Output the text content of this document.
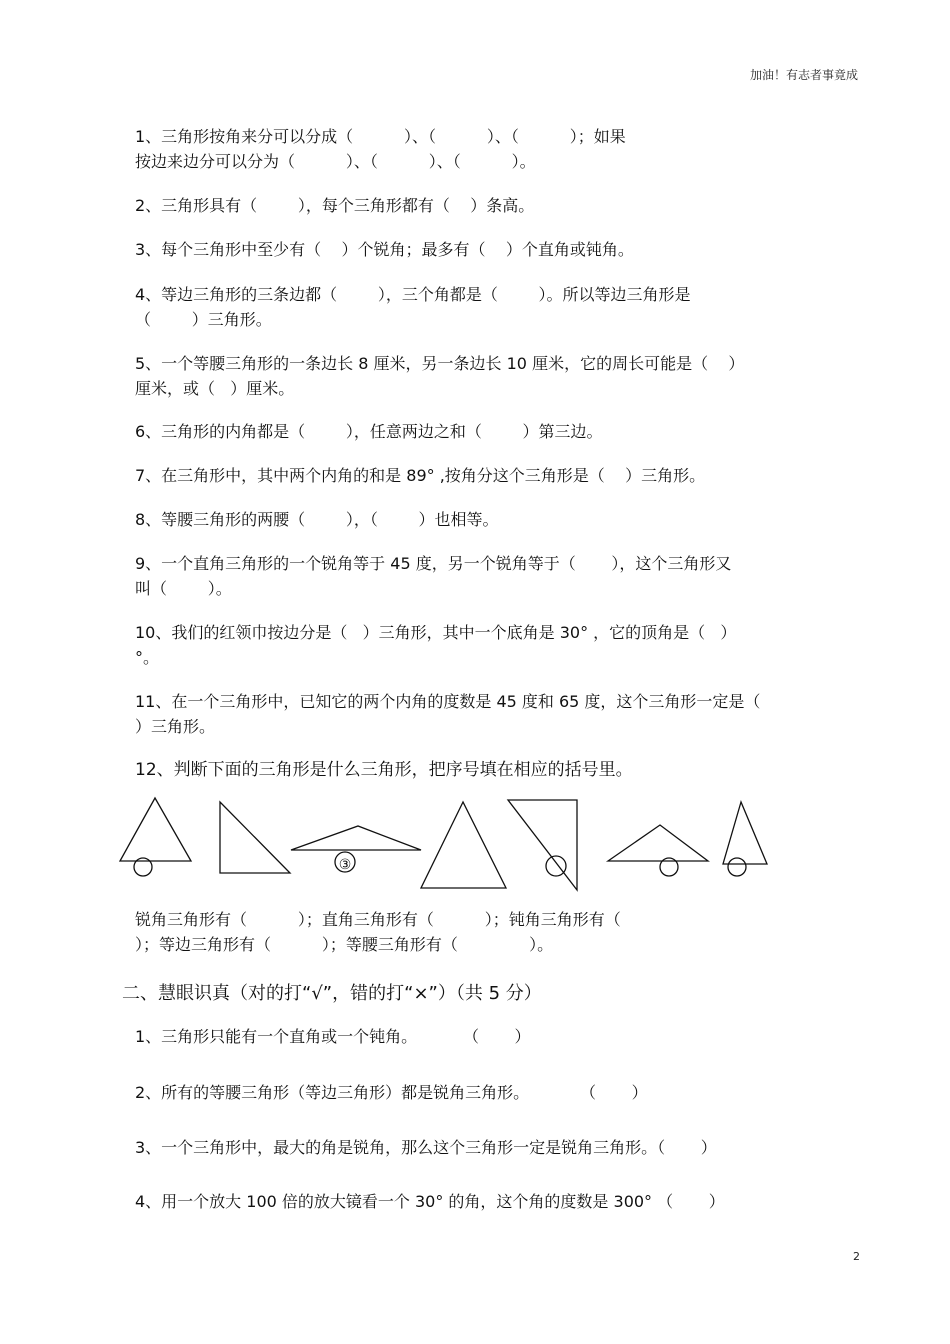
加油！有志者事竟成
1、三角形按角来分可以分成（          ）、（          ）、（          ）；如果
按边来边分可以分为（          ）、（          ）、（          ）。
2、三角形具有（        ），每个三角形都有（    ）条高。
3、每个三角形中至少有（    ）个锐角；最多有（    ）个直角或钝角。
4、等边三角形的三条边都（        ），三个角都是（        ）。所以等边三角形是
（        ）三角形。
5、一个等腰三角形的一条边长 8 厘米，另一条边长 10 厘米，它的周长可能是（    ）
厘米，或（   ）厘米。
6、三角形的内角都是（        ），任意两边之和（        ）第三边。
7、在三角形中，其中两个内角的和是 89° ,按角分这个三角形是（    ）三角形。
8、等腰三角形的两腰（        ），（        ）也相等。
9、一个直角三角形的一个锐角等于 45 度，另一个锐角等于（       ），这个三角形又
叫（        ）。
10、我们的红领巾按边分是（   ）三角形，其中一个底角是 30° ，它的顶角是（   ）
°。
11、在一个三角形中，已知它的两个内角的度数是 45 度和 65 度，这个三角形一定是（
）三角形。
12、判断下面的三角形是什么三角形，把序号填在相应的括号里。
①	③
锐角三角形有（          ）；直角三角形有（          ）；钝角三角形有（
）；等边三角形有（          ）；等腰三角形有（              ）。
二、慧眼识真（对的打“√”，错的打“×”）（共 5 分）
1、三角形只能有一个直角或一个钝角。         （       ）
2、所有的等腰三角形（等边三角形）都是锐角三角形。          （       ）
3、一个三角形中，最大的角是锐角，那么这个三角形一定是锐角三角形。（       ）
4、用一个放大 100 倍的放大镜看一个 30° 的角，这个角的度数是 300° （       ）
2
